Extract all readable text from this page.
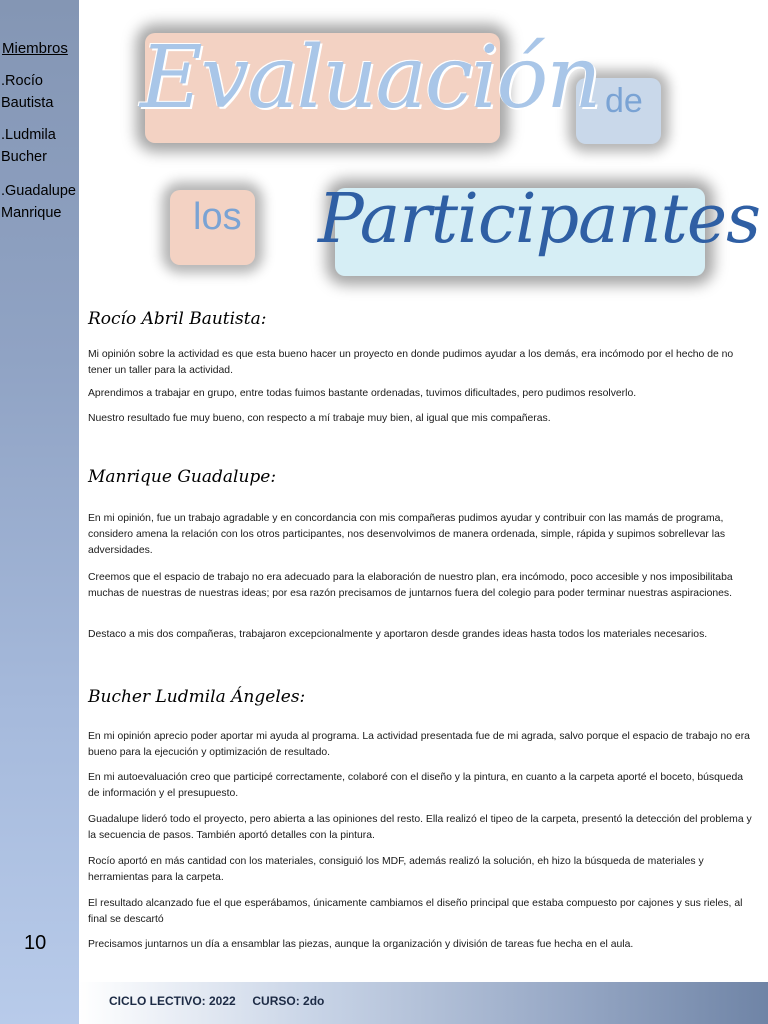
Miembros
.Rocío
Bautista
.Ludmila
Bucher
.Guadalupe
Manrique
10
Evaluación de
los Participantes
Rocío Abril Bautista:
Mi opinión sobre la actividad es que esta bueno hacer un proyecto en donde pudimos ayudar a los demás, era incómodo por el hecho de no tener un taller para la actividad.
Aprendimos a trabajar en grupo, entre todas fuimos bastante ordenadas, tuvimos dificultades, pero pudimos resolverlo.
Nuestro resultado fue muy bueno, con respecto a mí trabaje muy bien, al igual que mis compañeras.
Manrique Guadalupe:
En mi opinión, fue un trabajo agradable y en concordancia con mis compañeras pudimos ayudar y contribuir con las mamás de programa, considero amena la relación con los otros participantes, nos desenvolvimos de manera ordenada, simple, rápida y supimos sobrellevar las adversidades.
Creemos que el espacio de trabajo no era adecuado para la elaboración de nuestro plan, era incómodo, poco accesible y nos imposibilitaba muchas de nuestras de nuestras ideas; por esa razón precisamos de juntarnos fuera del colegio para poder terminar nuestras aspiraciones.
Destaco a mis dos compañeras, trabajaron excepcionalmente y aportaron desde grandes ideas hasta todos los materiales necesarios.
Bucher Ludmila Ángeles:
En mi opinión aprecio poder aportar mi ayuda al programa. La actividad presentada fue de mi agrada, salvo porque el espacio de trabajo no era bueno para la ejecución y optimización de resultado.
En mi autoevaluación creo que participé correctamente, colaboré con el diseño y la pintura, en cuanto a la carpeta aporté el boceto, búsqueda de información y el presupuesto.
Guadalupe lideró todo el proyecto, pero abierta a las opiniones del resto. Ella realizó el tipeo de la carpeta, presentó la detección del problema y la secuencia de pasos. También aportó detalles con la pintura.
Rocío aportó en más cantidad con los materiales, consiguió los MDF, además realizó la solución, eh hizo la búsqueda de materiales y herramientas para la carpeta.
El resultado alcanzado fue el que esperábamos, únicamente cambiamos el diseño principal que estaba compuesto por cajones y sus rieles, al final se descartó
Precisamos juntarnos un día a ensamblar las piezas, aunque la organización y división de tareas fue hecha en el aula.
CICLO LECTIVO: 2022     CURSO: 2do
